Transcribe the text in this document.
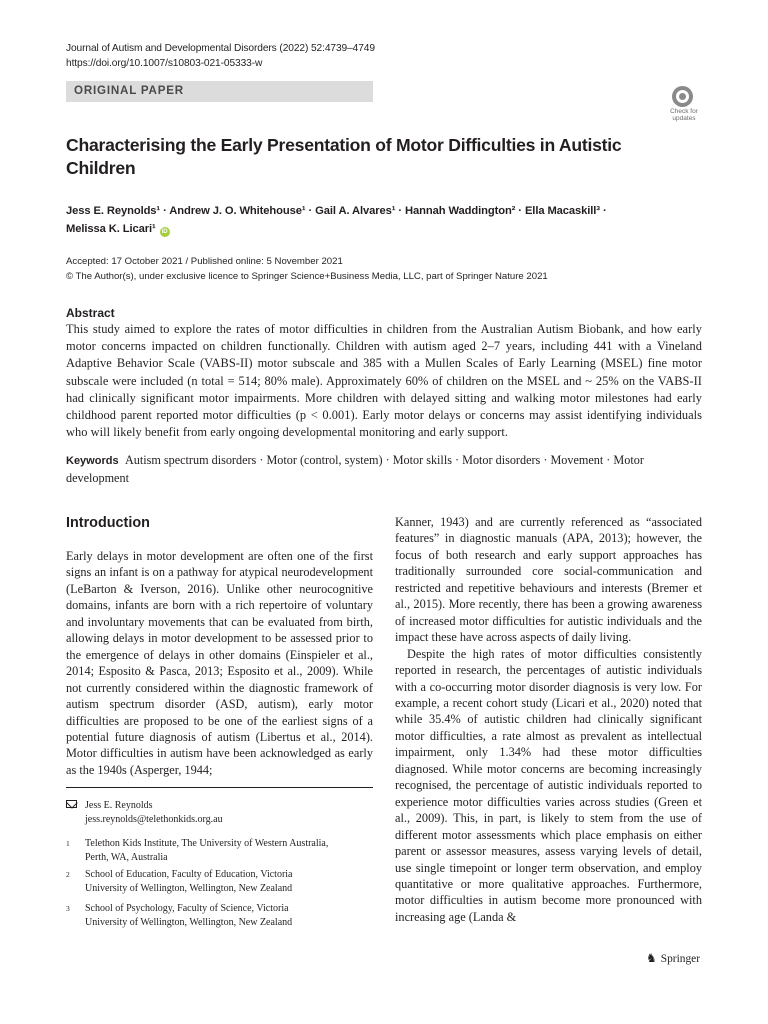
Journal of Autism and Developmental Disorders (2022) 52:4739–4749
https://doi.org/10.1007/s10803-021-05333-w
ORIGINAL PAPER
Check for updates
Characterising the Early Presentation of Motor Difficulties in Autistic Children
Jess E. Reynolds¹ · Andrew J. O. Whitehouse¹ · Gail A. Alvares¹ · Hannah Waddington² · Ella Macaskill³ ·
Melissa K. Licari¹ iD
Accepted: 17 October 2021 / Published online: 5 November 2021
© The Author(s), under exclusive licence to Springer Science+Business Media, LLC, part of Springer Nature 2021
Abstract
This study aimed to explore the rates of motor difficulties in children from the Australian Autism Biobank, and how early motor concerns impacted on children functionally. Children with autism aged 2–7 years, including 441 with a Vineland Adaptive Behavior Scale (VABS-II) motor subscale and 385 with a Mullen Scales of Early Learning (MSEL) fine motor subscale were included (n total = 514; 80% male). Approximately 60% of children on the MSEL and ~ 25% on the VABS-II had clinically significant motor impairments. More children with delayed sitting and walking motor milestones had early childhood parent reported motor difficulties (p < 0.001). Early motor delays or concerns may assist identifying individuals who will likely benefit from early ongoing developmental monitoring and early support.
Keywords Autism spectrum disorders · Motor (control, system) · Motor skills · Motor disorders · Movement · Motor development
Introduction

Early delays in motor development are often one of the first signs an infant is on a pathway for atypical neurodevelopment (LeBarton & Iverson, 2016). Unlike other neurocognitive domains, infants are born with a rich repertoire of voluntary and involuntary movements that can be evaluated from birth, allowing delays in motor development to be assessed prior to the emergence of delays in other domains (Einspieler et al., 2014; Esposito & Pasca, 2013; Esposito et al., 2009). While not currently considered within the diagnostic framework of autism spectrum disorder (ASD, autism), early motor difficulties are proposed to be one of the earliest signs of a potential future diagnosis of autism (Libertus et al., 2014). Motor difficulties in autism have been acknowledged as early as the 1940s (Asperger, 1944;

Kanner, 1943) and are currently referenced as “associated features” in diagnostic manuals (APA, 2013); however, the focus of both research and early support approaches has traditionally surrounded core social-communication and restricted and repetitive behaviours and interests (Bremer et al., 2015). More recently, there has been a growing awareness of increased motor difficulties for autistic individuals and the impact these have across aspects of daily living.

Despite the high rates of motor difficulties consistently reported in research, the percentages of autistic individuals with a co-occurring motor disorder diagnosis is very low. For example, a recent cohort study (Licari et al., 2020) noted that while 35.4% of autistic children had clinically significant motor difficulties, a rate almost as prevalent as intellectual impairment, only 1.34% had these motor difficulties diagnosed. While motor concerns are becoming increasingly recognised, the percentage of autistic individuals reported to experience motor difficulties varies across studies (Green et al., 2009). This, in part, is likely to stem from the use of different motor assessments which place emphasis on either parent or assessor measures, assess varying levels of detail, use single timepoint or longer term observation, and employ quantitative or more qualitative approaches. Furthermore, motor difficulties in autism become more pronounced with increasing age (Landa &

Jess E. Reynolds
jess.reynolds@telethonkids.org.au
1 Telethon Kids Institute, The University of Western Australia,
Perth, WA, Australia
2 School of Education, Faculty of Education, Victoria
University of Wellington, Wellington, New Zealand
3 School of Psychology, Faculty of Science, Victoria
University of Wellington, Wellington, New Zealand
♞ Springer
